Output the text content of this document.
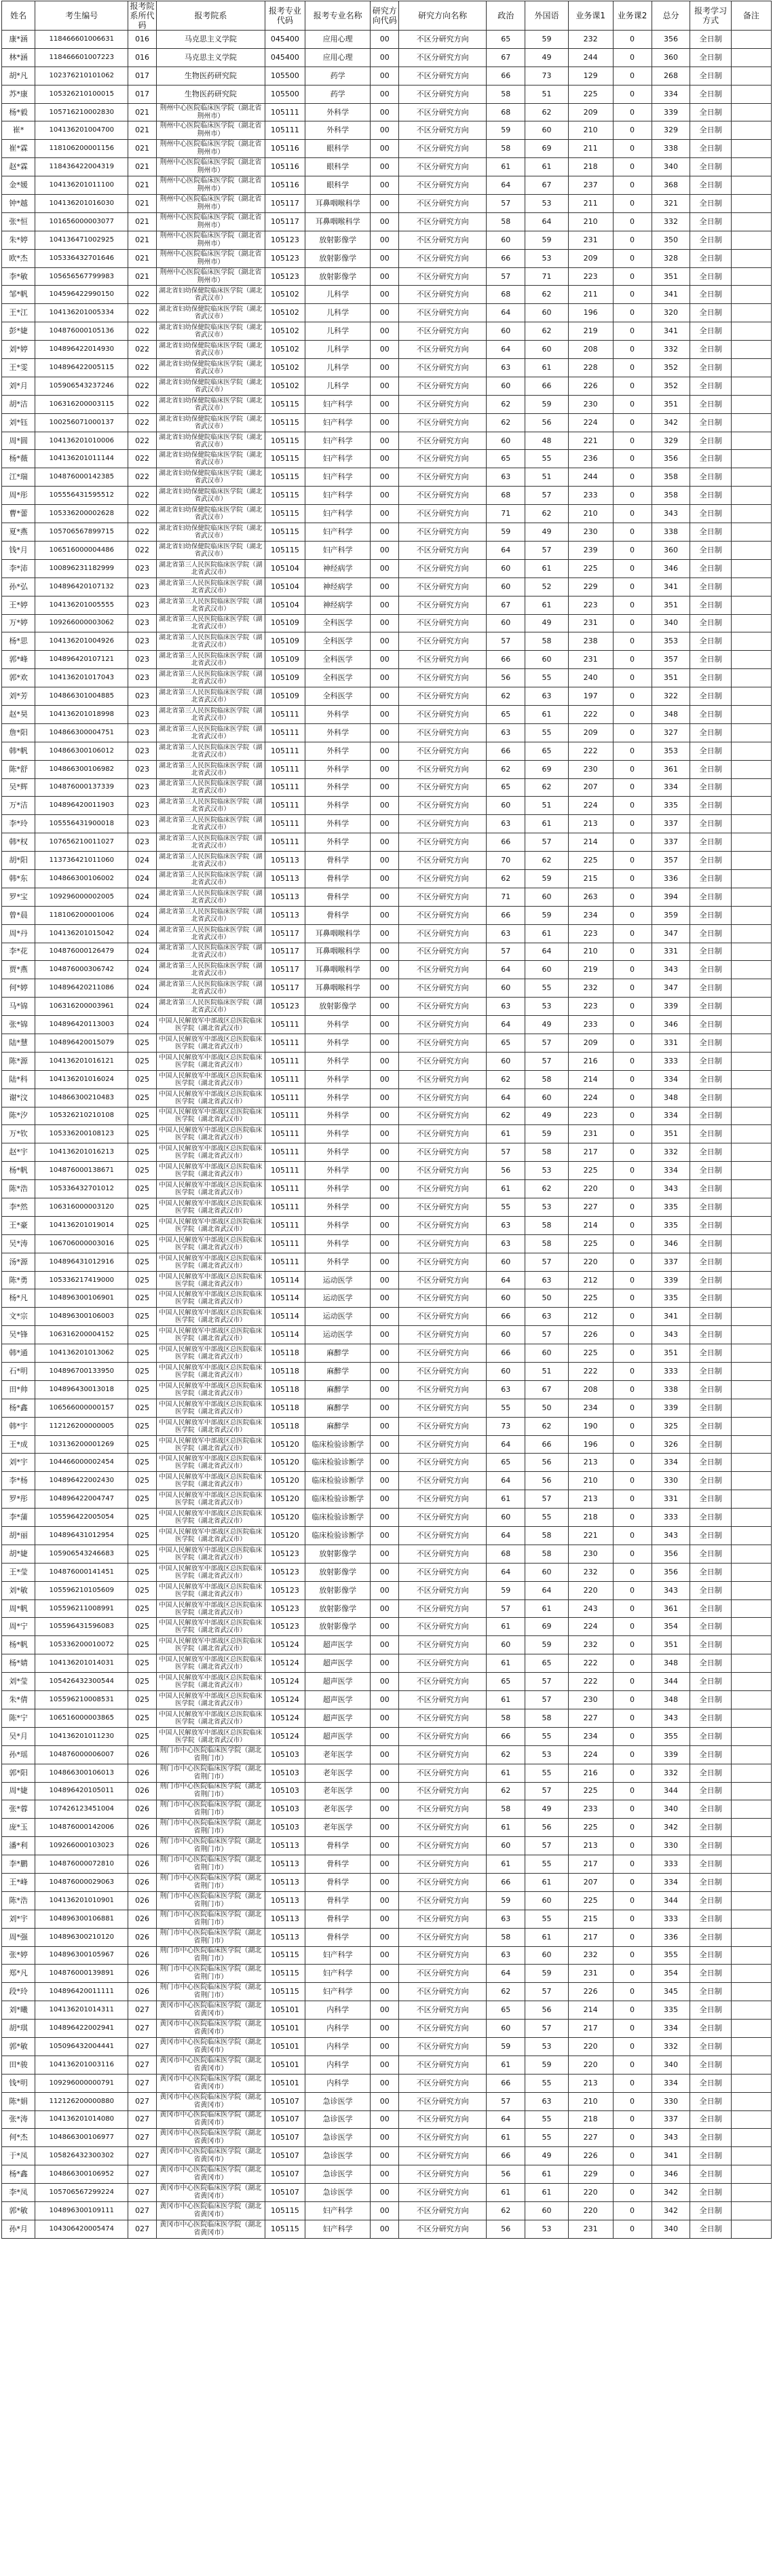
姓名	考生编号	报考院系所代码	报考院系	报考专业代码	报考专业名称	研究方向代码	研究方向名称	政治	外国语	业务课1	业务课2	总分	报考学习方式	备注
康*涵	118466601006631	016	马克思主义学院	045400	应用心理	00	不区分研究方向	65	59	232	0	356	全日制	
林*涵	118466601007223	016	马克思主义学院	045400	应用心理	00	不区分研究方向	67	49	244	0	360	全日制	
胡*凡	102376210101062	017	生物医药研究院	105500	药学	00	不区分研究方向	66	73	129	0	268	全日制	
苏*康	105326210100015	017	生物医药研究院	105500	药学	00	不区分研究方向	58	51	225	0	334	全日制	
杨*毅	105716210002830	021	荆州中心医院临床医学院（湖北省荆州市）	105111	外科学	00	不区分研究方向	68	62	209	0	339	全日制	
崔*	104136201004700	021	荆州中心医院临床医学院（湖北省荆州市）	105111	外科学	00	不区分研究方向	59	60	210	0	329	全日制	
崔*霖	118106200001156	021	荆州中心医院临床医学院（湖北省荆州市）	105116	眼科学	00	不区分研究方向	58	69	211	0	338	全日制	
赵*霖	118436422004319	021	荆州中心医院临床医学院（湖北省荆州市）	105116	眼科学	00	不区分研究方向	61	61	218	0	340	全日制	
金*媛	104136201011100	021	荆州中心医院临床医学院（湖北省荆州市）	105116	眼科学	00	不区分研究方向	64	67	237	0	368	全日制	
钟*越	104136201016030	021	荆州中心医院临床医学院（湖北省荆州市）	105117	耳鼻咽喉科学	00	不区分研究方向	57	53	211	0	321	全日制	
张*恒	101656000003077	021	荆州中心医院临床医学院（湖北省荆州市）	105117	耳鼻咽喉科学	00	不区分研究方向	58	64	210	0	332	全日制	
朱*婷	104136471002925	021	荆州中心医院临床医学院（湖北省荆州市）	105123	放射影像学	00	不区分研究方向	60	59	231	0	350	全日制	
欧*杰	105336432701646	021	荆州中心医院临床医学院（湖北省荆州市）	105123	放射影像学	00	不区分研究方向	66	53	209	0	328	全日制	
李*敏	105656567799983	021	荆州中心医院临床医学院（湖北省荆州市）	105123	放射影像学	00	不区分研究方向	57	71	223	0	351	全日制	
邹*帆	104596422990150	022	湖北省妇幼保健院临床医学院（湖北省武汉市）	105102	儿科学	00	不区分研究方向	68	62	211	0	341	全日制	
王*江	104136201005334	022	湖北省妇幼保健院临床医学院（湖北省武汉市）	105102	儿科学	00	不区分研究方向	64	60	196	0	320	全日制	
彭*婕	104876000105136	022	湖北省妇幼保健院临床医学院（湖北省武汉市）	105102	儿科学	00	不区分研究方向	60	62	219	0	341	全日制	
刘*婷	104896422014930	022	湖北省妇幼保健院临床医学院（湖北省武汉市）	105102	儿科学	00	不区分研究方向	64	60	208	0	332	全日制	
王*雯	104896422005115	022	湖北省妇幼保健院临床医学院（湖北省武汉市）	105102	儿科学	00	不区分研究方向	63	61	228	0	352	全日制	
刘*月	105906543237246	022	湖北省妇幼保健院临床医学院（湖北省武汉市）	105102	儿科学	00	不区分研究方向	60	66	226	0	352	全日制	
胡*洁	106316200003115	022	湖北省妇幼保健院临床医学院（湖北省武汉市）	105115	妇产科学	00	不区分研究方向	62	59	230	0	351	全日制	
刘*钰	100256071000137	022	湖北省妇幼保健院临床医学院（湖北省武汉市）	105115	妇产科学	00	不区分研究方向	62	56	224	0	342	全日制	
周*圆	104136201010006	022	湖北省妇幼保健院临床医学院（湖北省武汉市）	105115	妇产科学	00	不区分研究方向	60	48	221	0	329	全日制	
杨*薇	104136201011144	022	湖北省妇幼保健院临床医学院（湖北省武汉市）	105115	妇产科学	00	不区分研究方向	65	55	236	0	356	全日制	
江*瑞	104876000142385	022	湖北省妇幼保健院临床医学院（湖北省武汉市）	105115	妇产科学	00	不区分研究方向	63	51	244	0	358	全日制	
周*彤	105556431595512	022	湖北省妇幼保健院临床医学院（湖北省武汉市）	105115	妇产科学	00	不区分研究方向	68	57	233	0	358	全日制	
曹*蕾	105336200002628	022	湖北省妇幼保健院临床医学院（湖北省武汉市）	105115	妇产科学	00	不区分研究方向	71	62	210	0	343	全日制	
夏*燕	105706567899715	022	湖北省妇幼保健院临床医学院（湖北省武汉市）	105115	妇产科学	00	不区分研究方向	59	49	230	0	338	全日制	
钱*月	106516000004486	022	湖北省妇幼保健院临床医学院（湖北省武汉市）	105115	妇产科学	00	不区分研究方向	64	57	239	0	360	全日制	
李*沛	100896231182999	023	湖北省第三人民医院临床医学院（湖北省武汉市）	105104	神经病学	00	不区分研究方向	60	61	225	0	346	全日制	
孙*弘	104896420107132	023	湖北省第三人民医院临床医学院（湖北省武汉市）	105104	神经病学	00	不区分研究方向	60	52	229	0	341	全日制	
王*婷	104136201005555	023	湖北省第三人民医院临床医学院（湖北省武汉市）	105104	神经病学	00	不区分研究方向	67	61	223	0	351	全日制	
万*婷	109266000003062	023	湖北省第三人民医院临床医学院（湖北省武汉市）	105109	全科医学	00	不区分研究方向	60	49	231	0	340	全日制	
杨*思	104136201004926	023	湖北省第三人民医院临床医学院（湖北省武汉市）	105109	全科医学	00	不区分研究方向	57	58	238	0	353	全日制	
郭*峰	104896420107121	023	湖北省第三人民医院临床医学院（湖北省武汉市）	105109	全科医学	00	不区分研究方向	66	60	231	0	357	全日制	
郭*欢	104136201017043	023	湖北省第三人民医院临床医学院（湖北省武汉市）	105109	全科医学	00	不区分研究方向	56	55	240	0	351	全日制	
刘*芳	104866301004885	023	湖北省第三人民医院临床医学院（湖北省武汉市）	105109	全科医学	00	不区分研究方向	62	63	197	0	322	全日制	
赵*昊	104136201018998	023	湖北省第三人民医院临床医学院（湖北省武汉市）	105111	外科学	00	不区分研究方向	65	61	222	0	348	全日制	
詹*阳	104866300004751	023	湖北省第三人民医院临床医学院（湖北省武汉市）	105111	外科学	00	不区分研究方向	63	55	209	0	327	全日制	
韩*帆	104866300106012	023	湖北省第三人民医院临床医学院（湖北省武汉市）	105111	外科学	00	不区分研究方向	66	65	222	0	353	全日制	
陈*舒	104866300106982	023	湖北省第三人民医院临床医学院（湖北省武汉市）	105111	外科学	00	不区分研究方向	62	69	230	0	361	全日制	
吴*辉	104876000137339	023	湖北省第三人民医院临床医学院（湖北省武汉市）	105111	外科学	00	不区分研究方向	65	62	207	0	334	全日制	
万*洁	104896420011903	023	湖北省第三人民医院临床医学院（湖北省武汉市）	105111	外科学	00	不区分研究方向	60	51	224	0	335	全日制	
李*玲	105556431900018	023	湖北省第三人民医院临床医学院（湖北省武汉市）	105111	外科学	00	不区分研究方向	63	61	213	0	337	全日制	
韩*权	107656210011027	023	湖北省第三人民医院临床医学院（湖北省武汉市）	105111	外科学	00	不区分研究方向	66	57	214	0	337	全日制	
胡*阳	113736421011060	024	湖北省第三人民医院临床医学院（湖北省武汉市）	105113	骨科学	00	不区分研究方向	70	62	225	0	357	全日制	
韩*东	104866300106002	024	湖北省第三人民医院临床医学院（湖北省武汉市）	105113	骨科学	00	不区分研究方向	62	59	215	0	336	全日制	
罗*宝	109296000002005	024	湖北省第三人民医院临床医学院（湖北省武汉市）	105113	骨科学	00	不区分研究方向	71	60	263	0	394	全日制	
曾*晨	118106200001006	024	湖北省第三人民医院临床医学院（湖北省武汉市）	105113	骨科学	00	不区分研究方向	66	59	234	0	359	全日制	
周*丹	104136201015042	024	湖北省第三人民医院临床医学院（湖北省武汉市）	105117	耳鼻咽喉科学	00	不区分研究方向	63	61	223	0	347	全日制	
李*花	104876000126479	024	湖北省第三人民医院临床医学院（湖北省武汉市）	105117	耳鼻咽喉科学	00	不区分研究方向	57	64	210	0	331	全日制	
贾*燕	104876000306742	024	湖北省第三人民医院临床医学院（湖北省武汉市）	105117	耳鼻咽喉科学	00	不区分研究方向	64	60	219	0	343	全日制	
何*婷	104896420211086	024	湖北省第三人民医院临床医学院（湖北省武汉市）	105117	耳鼻咽喉科学	00	不区分研究方向	60	55	232	0	347	全日制	
马*锦	106316200003961	024	湖北省第三人民医院临床医学院（湖北省武汉市）	105123	放射影像学	00	不区分研究方向	63	53	223	0	339	全日制	
张*锦	104896420113003	024	中国人民解放军中部战区总医院临床医学院（湖北省武汉市）	105111	外科学	00	不区分研究方向	64	49	233	0	346	全日制	
陆*慧	104896420015079	025	中国人民解放军中部战区总医院临床医学院（湖北省武汉市）	105111	外科学	00	不区分研究方向	65	57	209	0	331	全日制	
陈*源	104136201016121	025	中国人民解放军中部战区总医院临床医学院（湖北省武汉市）	105111	外科学	00	不区分研究方向	60	57	216	0	333	全日制	
陆*科	104136201016024	025	中国人民解放军中部战区总医院临床医学院（湖北省武汉市）	105111	外科学	00	不区分研究方向	62	58	214	0	334	全日制	
谢*汶	104866300210483	025	中国人民解放军中部战区总医院临床医学院（湖北省武汉市）	105111	外科学	00	不区分研究方向	64	60	224	0	348	全日制	
陈*汐	105326210210108	025	中国人民解放军中部战区总医院临床医学院（湖北省武汉市）	105111	外科学	00	不区分研究方向	62	49	223	0	334	全日制	
万*钦	105336200108123	025	中国人民解放军中部战区总医院临床医学院（湖北省武汉市）	105111	外科学	00	不区分研究方向	61	59	231	0	351	全日制	
赵*宇	104136201016213	025	中国人民解放军中部战区总医院临床医学院（湖北省武汉市）	105111	外科学	00	不区分研究方向	57	58	217	0	332	全日制	
杨*帆	104876000138671	025	中国人民解放军中部战区总医院临床医学院（湖北省武汉市）	105111	外科学	00	不区分研究方向	56	53	225	0	334	全日制	
陈*浩	105336432701012	025	中国人民解放军中部战区总医院临床医学院（湖北省武汉市）	105111	外科学	00	不区分研究方向	61	62	220	0	343	全日制	
李*然	106316000003120	025	中国人民解放军中部战区总医院临床医学院（湖北省武汉市）	105111	外科学	00	不区分研究方向	55	53	227	0	335	全日制	
王*豪	104136201019014	025	中国人民解放军中部战区总医院临床医学院（湖北省武汉市）	105111	外科学	00	不区分研究方向	63	58	214	0	335	全日制	
吴*涛	106706000003016	025	中国人民解放军中部战区总医院临床医学院（湖北省武汉市）	105111	外科学	00	不区分研究方向	63	58	225	0	346	全日制	
汤*源	104896431012916	025	中国人民解放军中部战区总医院临床医学院（湖北省武汉市）	105111	外科学	00	不区分研究方向	60	57	220	0	337	全日制	
陈*勇	105336217419000	025	中国人民解放军中部战区总医院临床医学院（湖北省武汉市）	105114	运动医学	00	不区分研究方向	64	63	212	0	339	全日制	
杨*凡	104896300106901	025	中国人民解放军中部战区总医院临床医学院（湖北省武汉市）	105114	运动医学	00	不区分研究方向	60	50	225	0	335	全日制	
文*宗	104896300106003	025	中国人民解放军中部战区总医院临床医学院（湖北省武汉市）	105114	运动医学	00	不区分研究方向	66	63	212	0	341	全日制	
吴*锋	106316200004152	025	中国人民解放军中部战区总医院临床医学院（湖北省武汉市）	105114	运动医学	00	不区分研究方向	60	57	226	0	343	全日制	
韩*通	104136201013062	025	中国人民解放军中部战区总医院临床医学院（湖北省武汉市）	105118	麻醉学	00	不区分研究方向	66	60	225	0	351	全日制	
石*明	104896700133950	025	中国人民解放军中部战区总医院临床医学院（湖北省武汉市）	105118	麻醉学	00	不区分研究方向	60	51	222	0	333	全日制	
田*帅	104896430013018	025	中国人民解放军中部战区总医院临床医学院（湖北省武汉市）	105118	麻醉学	00	不区分研究方向	63	67	208	0	338	全日制	
杨*鑫	106566000000157	025	中国人民解放军中部战区总医院临床医学院（湖北省武汉市）	105118	麻醉学	00	不区分研究方向	55	50	234	0	339	全日制	
韩*宇	112126200000005	025	中国人民解放军中部战区总医院临床医学院（湖北省武汉市）	105118	麻醉学	00	不区分研究方向	73	62	190	0	325	全日制	
王*成	103136200001269	025	中国人民解放军中部战区总医院临床医学院（湖北省武汉市）	105120	临床检验诊断学	00	不区分研究方向	64	66	196	0	326	全日制	
刘*宇	104466000002454	025	中国人民解放军中部战区总医院临床医学院（湖北省武汉市）	105120	临床检验诊断学	00	不区分研究方向	65	56	213	0	334	全日制	
李*杨	104896422002430	025	中国人民解放军中部战区总医院临床医学院（湖北省武汉市）	105120	临床检验诊断学	00	不区分研究方向	64	56	210	0	330	全日制	
罗*彤	104896422004747	025	中国人民解放军中部战区总医院临床医学院（湖北省武汉市）	105120	临床检验诊断学	00	不区分研究方向	61	57	213	0	331	全日制	
李*蒲	105596422005054	025	中国人民解放军中部战区总医院临床医学院（湖北省武汉市）	105120	临床检验诊断学	00	不区分研究方向	60	55	218	0	333	全日制	
胡*丽	104896431012954	025	中国人民解放军中部战区总医院临床医学院（湖北省武汉市）	105120	临床检验诊断学	00	不区分研究方向	64	58	221	0	343	全日制	
胡*婕	105906543246683	025	中国人民解放军中部战区总医院临床医学院（湖北省武汉市）	105123	放射影像学	00	不区分研究方向	68	58	230	0	356	全日制	
王*莹	104876000141451	025	中国人民解放军中部战区总医院临床医学院（湖北省武汉市）	105123	放射影像学	00	不区分研究方向	64	60	232	0	356	全日制	
刘*敏	105596210105609	025	中国人民解放军中部战区总医院临床医学院（湖北省武汉市）	105123	放射影像学	00	不区分研究方向	59	64	220	0	343	全日制	
周*帆	105596211008991	025	中国人民解放军中部战区总医院临床医学院（湖北省武汉市）	105123	放射影像学	00	不区分研究方向	57	61	243	0	361	全日制	
周*宁	105596431596083	025	中国人民解放军中部战区总医院临床医学院（湖北省武汉市）	105123	放射影像学	00	不区分研究方向	61	69	224	0	354	全日制	
杨*帆	105336200010072	025	中国人民解放军中部战区总医院临床医学院（湖北省武汉市）	105124	超声医学	00	不区分研究方向	60	59	232	0	351	全日制	
杨*婧	104136201014031	025	中国人民解放军中部战区总医院临床医学院（湖北省武汉市）	105124	超声医学	00	不区分研究方向	61	65	222	0	348	全日制	
刘*莹	105426432300544	025	中国人民解放军中部战区总医院临床医学院（湖北省武汉市）	105124	超声医学	00	不区分研究方向	65	57	222	0	344	全日制	
朱*倩	105596210008531	025	中国人民解放军中部战区总医院临床医学院（湖北省武汉市）	105124	超声医学	00	不区分研究方向	61	57	230	0	348	全日制	
陈*宁	106516000003865	025	中国人民解放军中部战区总医院临床医学院（湖北省武汉市）	105124	超声医学	00	不区分研究方向	58	58	227	0	343	全日制	
吴*月	104136201011230	025	中国人民解放军中部战区总医院临床医学院（湖北省武汉市）	105124	超声医学	00	不区分研究方向	66	55	234	0	355	全日制	
孙*瑶	104876000006007	026	荆门市中心医院临床医学院（湖北省荆门市）	105103	老年医学	00	不区分研究方向	62	53	224	0	339	全日制	
郭*阳	104866300106013	026	荆门市中心医院临床医学院（湖北省荆门市）	105103	老年医学	00	不区分研究方向	61	55	216	0	332	全日制	
周*婕	104896420105011	026	荆门市中心医院临床医学院（湖北省荆门市）	105103	老年医学	00	不区分研究方向	62	57	225	0	344	全日制	
张*蓉	107426123451004	026	荆门市中心医院临床医学院（湖北省荆门市）	105103	老年医学	00	不区分研究方向	58	49	233	0	340	全日制	
庞*玉	104876000142006	026	荆门市中心医院临床医学院（湖北省荆门市）	105103	老年医学	00	不区分研究方向	61	56	225	0	342	全日制	
潘*利	109266000103023	026	荆门市中心医院临床医学院（湖北省荆门市）	105113	骨科学	00	不区分研究方向	60	57	213	0	330	全日制	
李*鹏	104876000072810	026	荆门市中心医院临床医学院（湖北省荆门市）	105113	骨科学	00	不区分研究方向	61	55	217	0	333	全日制	
王*峰	104876000029063	026	荆门市中心医院临床医学院（湖北省荆门市）	105113	骨科学	00	不区分研究方向	66	61	207	0	334	全日制	
陈*浩	104136201010901	026	荆门市中心医院临床医学院（湖北省荆门市）	105113	骨科学	00	不区分研究方向	59	60	225	0	344	全日制	
刘*宇	104896300106881	026	荆门市中心医院临床医学院（湖北省荆门市）	105113	骨科学	00	不区分研究方向	63	55	215	0	333	全日制	
周*强	104896300210120	026	荆门市中心医院临床医学院（湖北省荆门市）	105113	骨科学	00	不区分研究方向	58	61	217	0	336	全日制	
张*婷	104896300105967	026	荆门市中心医院临床医学院（湖北省荆门市）	105115	妇产科学	00	不区分研究方向	63	60	232	0	355	全日制	
郑*凡	104876000139891	026	荆门市中心医院临床医学院（湖北省荆门市）	105115	妇产科学	00	不区分研究方向	64	59	231	0	354	全日制	
段*玲	104896420011111	026	荆门市中心医院临床医学院（湖北省荆门市）	105115	妇产科学	00	不区分研究方向	62	57	226	0	345	全日制	
刘*曦	104136201014311	027	黄冈市中心医院临床医学院（湖北省黄冈市）	105101	内科学	00	不区分研究方向	65	56	214	0	335	全日制	
胡*琪	104896422002941	027	黄冈市中心医院临床医学院（湖北省黄冈市）	105101	内科学	00	不区分研究方向	60	57	217	0	334	全日制	
郭*敏	105096432004441	027	黄冈市中心医院临床医学院（湖北省黄冈市）	105101	内科学	00	不区分研究方向	59	53	220	0	332	全日制	
田*骏	104136201003116	027	黄冈市中心医院临床医学院（湖北省黄冈市）	105101	内科学	00	不区分研究方向	61	59	220	0	340	全日制	
钱*明	109296000000791	027	黄冈市中心医院临床医学院（湖北省黄冈市）	105101	内科学	00	不区分研究方向	66	55	213	0	334	全日制	
陈*娟	112126200000880	027	黄冈市中心医院临床医学院（湖北省黄冈市）	105107	急诊医学	00	不区分研究方向	57	63	210	0	330	全日制	
张*涛	104136201014080	027	黄冈市中心医院临床医学院（湖北省黄冈市）	105107	急诊医学	00	不区分研究方向	64	55	218	0	337	全日制	
何*杰	104866300106977	027	黄冈市中心医院临床医学院（湖北省黄冈市）	105107	急诊医学	00	不区分研究方向	61	55	227	0	343	全日制	
于*凤	105826432300302	027	黄冈市中心医院临床医学院（湖北省黄冈市）	105107	急诊医学	00	不区分研究方向	66	49	226	0	341	全日制	
杨*鑫	104866300106952	027	黄冈市中心医院临床医学院（湖北省黄冈市）	105107	急诊医学	00	不区分研究方向	56	61	229	0	346	全日制	
李*凤	105706567299224	027	黄冈市中心医院临床医学院（湖北省黄冈市）	105107	急诊医学	00	不区分研究方向	61	61	220	0	342	全日制	
郭*敏	104896300109111	027	黄冈市中心医院临床医学院（湖北省黄冈市）	105115	妇产科学	00	不区分研究方向	62	60	220	0	342	全日制	
孙*月	104306420005474	027	黄冈市中心医院临床医学院（湖北省黄冈市）	105115	妇产科学	00	不区分研究方向	56	53	231	0	340	全日制	
